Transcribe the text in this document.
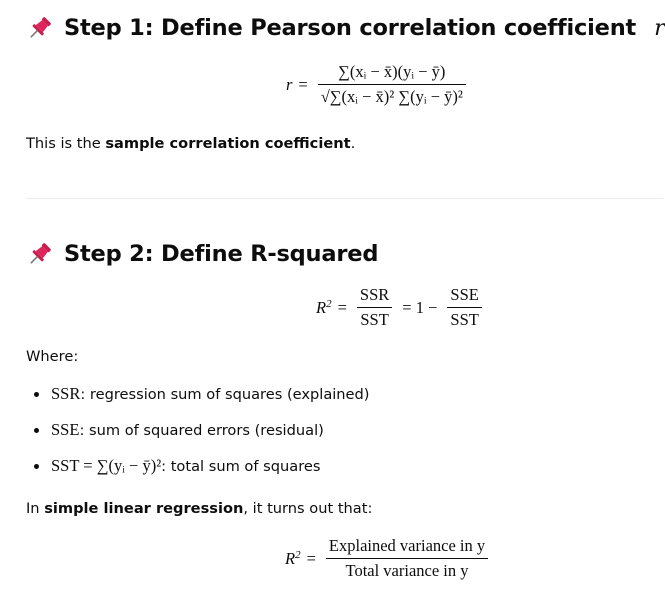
Step 1: Define Pearson correlation coefficient r
$r = \frac{\text{∑(xᵢ − x̄)(yᵢ − ȳ)}}{\text{√∑(xᵢ − x̄)² ∑(yᵢ − ȳ)²}}$
This is the sample correlation coefficient.
Step 2: Define R-squared
$R^2 = \frac{\text{SSR}}{\text{SST}} = 1 - \frac{\text{SSE}}{\text{SST}}$
Where:
SSR : regression sum of squares (explained)
SSE : sum of squared errors (residual)
SST = ∑(yᵢ − ȳ)² : total sum of squares
In simple linear regression, it turns out that:
$R^2 = \frac{\text{Explained variance in y}}{\text{Total variance in y}}$
